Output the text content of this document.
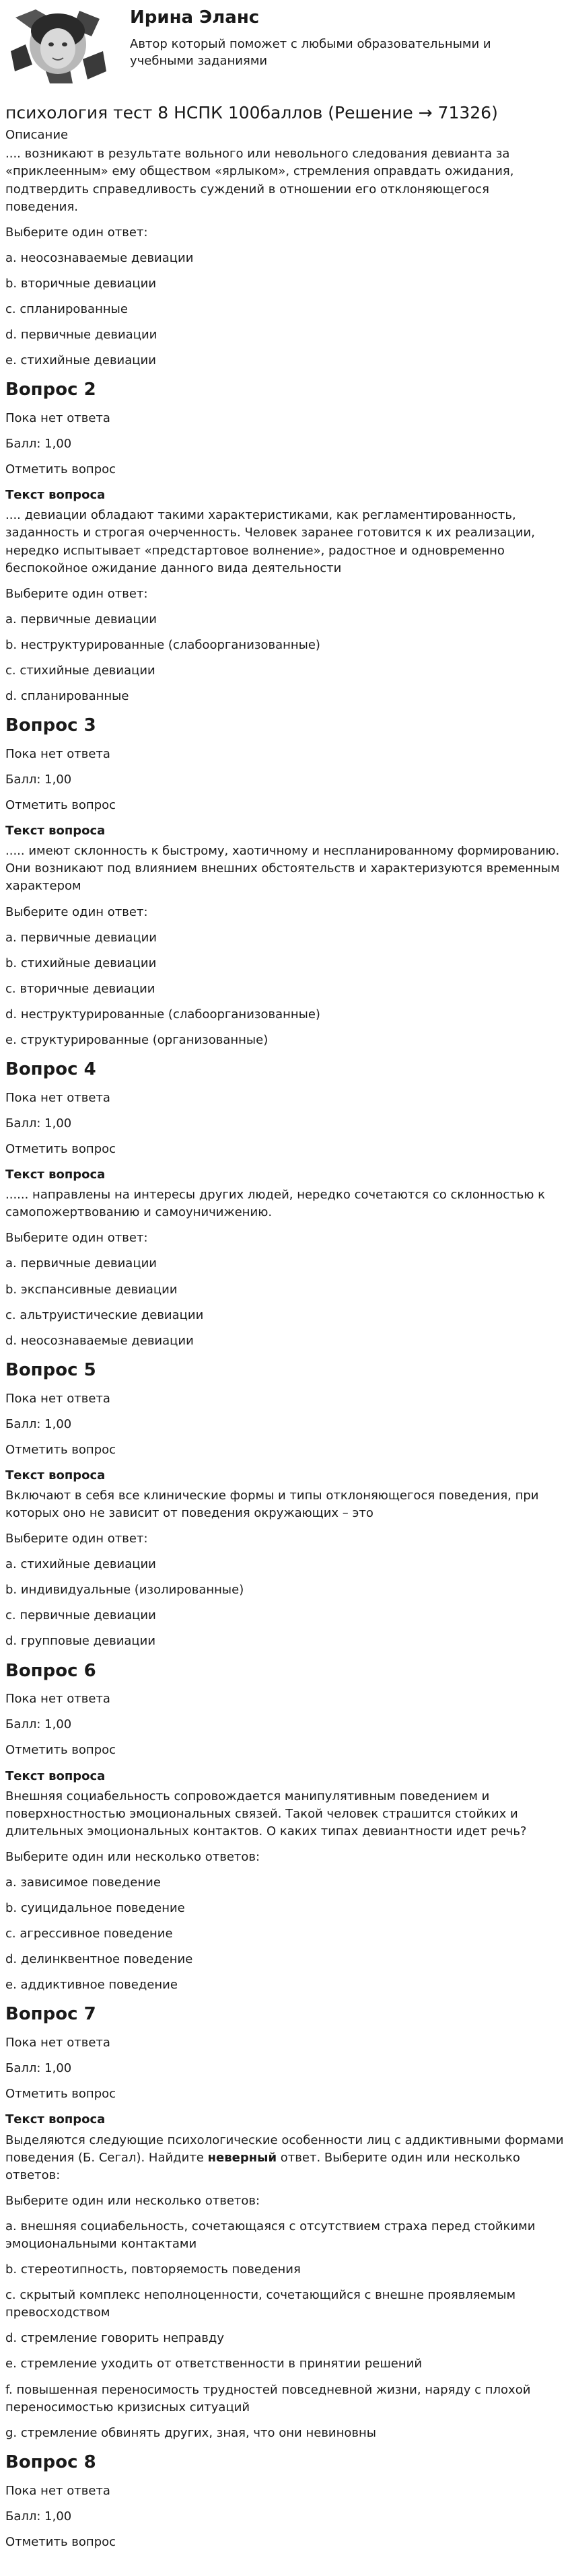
Ирина Эланс
Автор который поможет с любыми образовательными и учебными заданиями
психология тест 8 НСПК 100баллов (Решение → 71326)
Описание
.... возникают в результате вольного или невольного следования девианта за «приклеенным» ему обществом «ярлыком», стремления оправдать ожидания, подтвердить справедливость суждений в отношении его отклоняющегося поведения.
Выберите один ответ:
a. неосознаваемые девиации
b. вторичные девиации
c. спланированные
d. первичные девиации
e. стихийные девиации
Вопрос 2
Пока нет ответа
Балл: 1,00
Отметить вопрос
Текст вопроса
.... девиации обладают такими характеристиками, как регламентированность, заданность и строгая очерченность. Человек заранее готовится к их реализации, нередко испытывает «предстартовое волнение», радостное и одновременно беспокойное ожидание данного вида деятельности
Выберите один ответ:
a. первичные девиации
b. неструктурированные (слабоорганизованные)
c. стихийные девиации
d. спланированные
Вопрос 3
Пока нет ответа
Балл: 1,00
Отметить вопрос
Текст вопроса
..... имеют склонность к быстрому, хаотичному и неспланированному формированию. Они возникают под влиянием внешних обстоятельств и характеризуются временным характером
Выберите один ответ:
a. первичные девиации
b. стихийные девиации
c. вторичные девиации
d. неструктурированные (слабоорганизованные)
e. структурированные (организованные)
Вопрос 4
Пока нет ответа
Балл: 1,00
Отметить вопрос
Текст вопроса
...... направлены на интересы других людей, нередко сочетаются со склонностью к самопожертвованию и самоуничижению.
Выберите один ответ:
a. первичные девиации
b. экспансивные девиации
c. альтруистические девиации
d. неосознаваемые девиации
Вопрос 5
Пока нет ответа
Балл: 1,00
Отметить вопрос
Текст вопроса
Включают в себя все клинические формы и типы отклоняющегося поведения, при которых оно не зависит от поведения окружающих – это
Выберите один ответ:
a. стихийные девиации
b. индивидуальные (изолированные)
c. первичные девиации
d. групповые девиации
Вопрос 6
Пока нет ответа
Балл: 1,00
Отметить вопрос
Текст вопроса
Внешняя социабельность сопровождается манипулятивным поведением и поверхностностью эмоциональных связей. Такой человек страшится стойких и длительных эмоциональных контактов. О каких типах девиантности идет речь?
Выберите один или несколько ответов:
a. зависимое поведение
b. суицидальное поведение
c. агрессивное поведение
d. делинквентное поведение
e. аддиктивное поведение
Вопрос 7
Пока нет ответа
Балл: 1,00
Отметить вопрос
Текст вопроса
Выделяются следующие психологические особенности лиц с аддиктивными формами поведения (Б. Сегал). Найдите неверный ответ. Выберите один или несколько ответов:
Выберите один или несколько ответов:
a. внешняя социабельность, сочетающаяся с отсутствием страха перед стойкими эмоциональными контактами
b. стереотипность, повторяемость поведения
c. скрытый комплекс неполноценности, сочетающийся с внешне проявляемым превосходством
d. стремление говорить неправду
e. стремление уходить от ответственности в принятии решений
f. повышенная переносимость трудностей повседневной жизни, наряду с плохой переносимостью кризисных ситуаций
g. стремление обвинять других, зная, что они невиновны
Вопрос 8
Пока нет ответа
Балл: 1,00
Отметить вопрос
